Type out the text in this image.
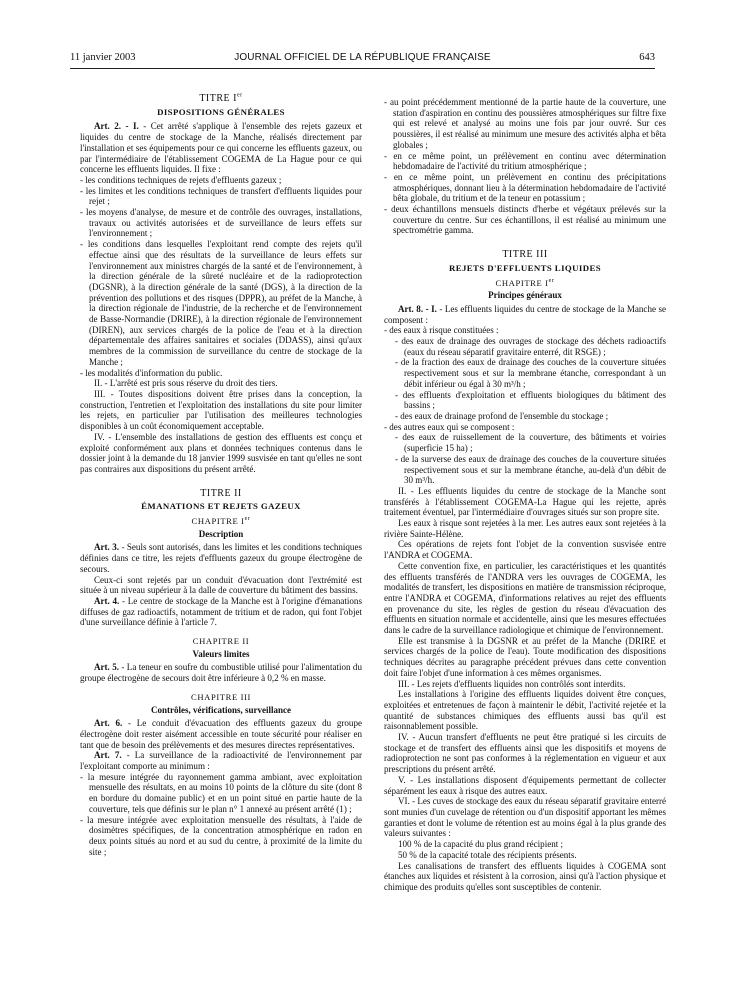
11 janvier 2003	JOURNAL OFFICIEL DE LA RÉPUBLIQUE FRANÇAISE	643
TITRE Ier
DISPOSITIONS GÉNÉRALES

Art. 2. - I. - Cet arrêté s'applique à l'ensemble des rejets gazeux et liquides du centre de stockage de la Manche, réalisés directement par l'installation et ses équipements pour ce qui concerne les effluents gazeux, ou par l'intermédiaire de l'établissement COGEMA de La Hague pour ce qui concerne les effluents liquides. Il fixe :

- les conditions techniques de rejets d'effluents gazeux ;
- les limites et les conditions techniques de transfert d'effluents liquides pour rejet ;
- les moyens d'analyse, de mesure et de contrôle des ouvrages, installations, travaux ou activités autorisées et de surveillance de leurs effets sur l'environnement ;
- les conditions dans lesquelles l'exploitant rend compte des rejets qu'il effectue ainsi que des résultats de la surveillance de leurs effets sur l'environnement aux ministres chargés de la santé et de l'environnement, à la direction générale de la sûreté nucléaire et de la radioprotection (DGSNR), à la direction générale de la santé (DGS), à la direction de la prévention des pollutions et des risques (DPPR), au préfet de la Manche, à la direction régionale de l'industrie, de la recherche et de l'environnement de Basse-Normandie (DRIRE), à la direction régionale de l'environnement (DIREN), aux services chargés de la police de l'eau et à la direction départementale des affaires sanitaires et sociales (DDASS), ainsi qu'aux membres de la commission de surveillance du centre de stockage de la Manche ;
- les modalités d'information du public.

II. - L'arrêté est pris sous réserve du droit des tiers.

III. - Toutes dispositions doivent être prises dans la conception, la construction, l'entretien et l'exploitation des installations du site pour limiter les rejets, en particulier par l'utilisation des meilleures technologies disponibles à un coût économiquement acceptable.

IV. - L'ensemble des installations de gestion des effluents est conçu et exploité conformément aux plans et données techniques contenus dans le dossier joint à la demande du 18 janvier 1999 susvisée en tant qu'elles ne sont pas contraires aux dispositions du présent arrêté.

TITRE II
ÉMANATIONS ET REJETS GAZEUX
CHAPITRE Ier
Description

Art. 3. - Seuls sont autorisés, dans les limites et les conditions techniques définies dans ce titre, les rejets d'effluents gazeux du groupe électrogène de secours.

Ceux-ci sont rejetés par un conduit d'évacuation dont l'extrémité est située à un niveau supérieur à la dalle de couverture du bâtiment des bassins.

Art. 4. - Le centre de stockage de la Manche est à l'origine d'émanations diffuses de gaz radioactifs, notamment de tritium et de radon, qui font l'objet d'une surveillance définie à l'article 7.

CHAPITRE II
Valeurs limites

Art. 5. - La teneur en soufre du combustible utilisé pour l'alimentation du groupe électrogène de secours doit être inférieure à 0,2 % en masse.

CHAPITRE III
Contrôles, vérifications, surveillance

Art. 6. - Le conduit d'évacuation des effluents gazeux du groupe électrogène doit rester aisément accessible en toute sécurité pour réaliser en tant que de besoin des prélèvements et des mesures directes représentatives.

Art. 7. - La surveillance de la radioactivité de l'environnement par l'exploitant comporte au minimum :

- la mesure intégrée du rayonnement gamma ambiant, avec exploitation mensuelle des résultats, en au moins 10 points de la clôture du site (dont 8 en bordure du domaine public) et en un point situé en partie haute de la couverture, tels que définis sur le plan n° 1 annexé au présent arrêté (1) ;
- la mesure intégrée avec exploitation mensuelle des résultats, à l'aide de dosimètres spécifiques, de la concentration atmosphérique en radon en deux points situés au nord et au sud du centre, à proximité de la limite du site ;
- au point précédemment mentionné de la partie haute de la couverture, une station d'aspiration en continu des poussières atmosphériques sur filtre fixe qui est relevé et analysé au moins une fois par jour ouvré. Sur ces poussières, il est réalisé au minimum une mesure des activités alpha et bêta globales ;
- en ce même point, un prélèvement en continu avec détermination hebdomadaire de l'activité du tritium atmosphérique ;
- en ce même point, un prélèvement en continu des précipitations atmosphériques, donnant lieu à la détermination hebdomadaire de l'activité bêta globale, du tritium et de la teneur en potassium ;
- deux échantillons mensuels distincts d'herbe et végétaux prélevés sur la couverture du centre. Sur ces échantillons, il est réalisé au minimum une spectrométrie gamma.
TITRE III
REJETS D'EFFLUENTS LIQUIDES
CHAPITRE Ier
Principes généraux

Art. 8. - I. - Les effluents liquides du centre de stockage de la Manche se composent :

- des eaux à risque constituées :
- des eaux de drainage des ouvrages de stockage des déchets radioactifs (eaux du réseau séparatif gravitaire enterré, dit RSGE) ;
- de la fraction des eaux de drainage des couches de la couverture situées respectivement sous et sur la membrane étanche, correspondant à un débit inférieur ou égal à 30 m³/h ;
- des effluents d'exploitation et effluents biologiques du bâtiment des bassins ;
- des eaux de drainage profond de l'ensemble du stockage ;
- des autres eaux qui se composent :
- des eaux de ruissellement de la couverture, des bâtiments et voiries (superficie 15 ha) ;
- de la surverse des eaux de drainage des couches de la couverture situées respectivement sous et sur la membrane étanche, au-delà d'un débit de 30 m³/h.

II. - Les effluents liquides du centre de stockage de la Manche sont transférés à l'établissement COGEMA-La Hague qui les rejette, après traitement éventuel, par l'intermédiaire d'ouvrages situés sur son propre site.

Les eaux à risque sont rejetées à la mer. Les autres eaux sont rejetées à la rivière Sainte-Hélène.

Ces opérations de rejets font l'objet de la convention susvisée entre l'ANDRA et COGEMA.

Cette convention fixe, en particulier, les caractéristiques et les quantités des effluents transférés de l'ANDRA vers les ouvrages de COGEMA, les modalités de transfert, les dispositions en matière de transmission réciproque, entre l'ANDRA et COGEMA, d'informations relatives au rejet des effluents en provenance du site, les règles de gestion du réseau d'évacuation des effluents en situation normale et accidentelle, ainsi que les mesures effectuées dans le cadre de la surveillance radiologique et chimique de l'environnement.

Elle est transmise à la DGSNR et au préfet de la Manche (DRIRE et services chargés de la police de l'eau). Toute modification des dispositions techniques décrites au paragraphe précédent prévues dans cette convention doit faire l'objet d'une information à ces mêmes organismes.

III. - Les rejets d'effluents liquides non contrôlés sont interdits.

Les installations à l'origine des effluents liquides doivent être conçues, exploitées et entretenues de façon à maintenir le débit, l'activité rejetée et la quantité de substances chimiques des effluents aussi bas qu'il est raisonnablement possible.

IV. - Aucun transfert d'effluents ne peut être pratiqué si les circuits de stockage et de transfert des effluents ainsi que les dispositifs et moyens de radioprotection ne sont pas conformes à la réglementation en vigueur et aux prescriptions du présent arrêté.

V. - Les installations disposent d'équipements permettant de collecter séparément les eaux à risque des autres eaux.

VI. - Les cuves de stockage des eaux du réseau séparatif gravitaire enterré sont munies d'un cuvelage de rétention ou d'un dispositif apportant les mêmes garanties et dont le volume de rétention est au moins égal à la plus grande des valeurs suivantes :

100 % de la capacité du plus grand récipient ;

50 % de la capacité totale des récipients présents.

Les canalisations de transfert des effluents liquides à COGEMA sont étanches aux liquides et résistent à la corrosion, ainsi qu'à l'action physique et chimique des produits qu'elles sont susceptibles de contenir.
